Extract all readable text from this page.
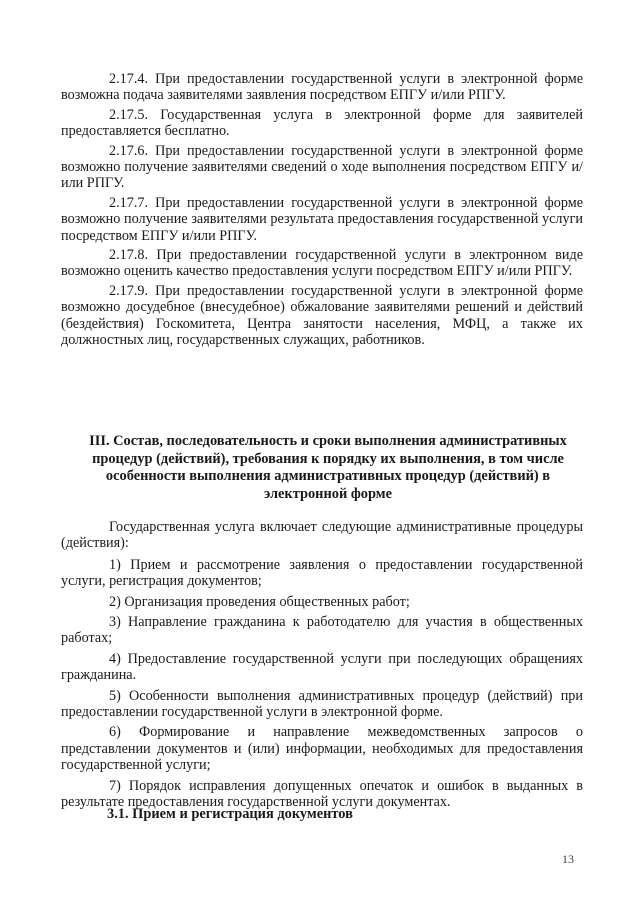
2.17.4. При предоставлении государственной услуги в электронной форме возможна подача заявителями заявления посредством ЕПГУ и/или РПГУ.

2.17.5. Государственная услуга в электронной форме для заявителей предоставляется бесплатно.

2.17.6. При предоставлении государственной услуги в электронной форме возможно получение заявителями сведений о ходе выполнения посредством ЕПГУ и/или РПГУ.

2.17.7. При предоставлении государственной услуги в электронной форме возможно получение заявителями результата предоставления государственной услуги посредством ЕПГУ и/или РПГУ.

2.17.8. При предоставлении государственной услуги в электронном виде возможно оценить качество предоставления услуги посредством ЕПГУ и/или РПГУ.

2.17.9. При предоставлении государственной услуги в электронной форме возможно досудебное (внесудебное) обжалование заявителями решений и действий (бездействия) Госкомитета, Центра занятости населения, МФЦ, а также их должностных лиц, государственных служащих, работников.

III. Состав, последовательность и сроки выполнения административных процедур (действий), требования к порядку их выполнения, в том числе особенности выполнения административных процедур (действий) в электронной форме

Государственная услуга включает следующие административные процедуры (действия):

1) Прием и рассмотрение заявления о предоставлении государственной услуги, регистрация документов;

2) Организация проведения общественных работ;

3) Направление гражданина к работодателю для участия в общественных работах;

4) Предоставление государственной услуги при последующих обращениях гражданина.

5) Особенности выполнения административных процедур (действий) при предоставлении государственной услуги в электронной форме.

6) Формирование и направление межведомственных запросов о представлении документов и (или) информации, необходимых для предоставления государственной услуги;

7) Порядок исправления допущенных опечаток и ошибок в выданных в результате предоставления государственной услуги документах.

3.1. Прием и регистрация документов
13
